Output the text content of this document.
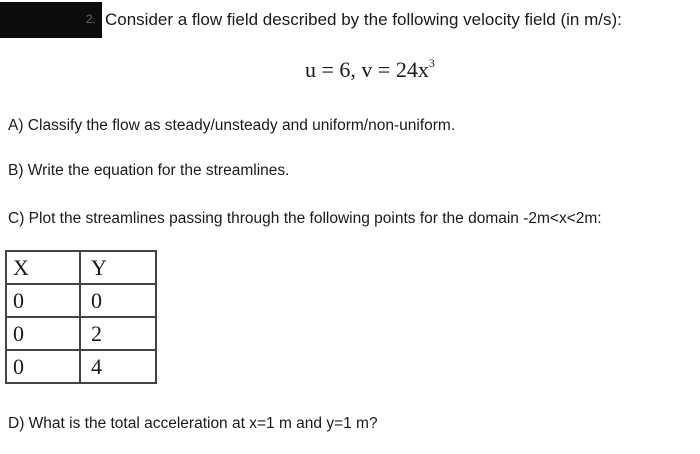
2. Consider a flow field described by the following velocity field (in m/s):
u = 6, $v = 24x^3$
A) Classify the flow as steady/unsteady and uniform/non-uniform.
B) Write the equation for the streamlines.
C) Plot the streamlines passing through the following points for the domain -2m<x<2m:
X	Y
0	0
0	2
0	4
D) What is the total acceleration at x=1 m and y=1 m?
